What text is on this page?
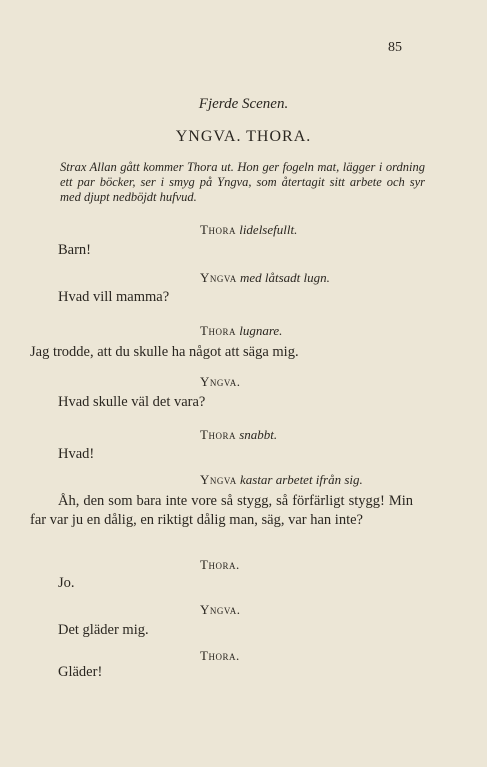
85
Fjerde Scenen.
YNGVA. THORA.
Strax Allan gått kommer Thora ut. Hon ger fogeln mat, lägger i ordning ett par böcker, ser i smyg på Yngva, som återtagit sitt arbete och syr med djupt nedböjdt hufvud.
Thora lidelsefullt.
Barn!
Yngva med låtsadt lugn.
Hvad vill mamma?
Thora lugnare.
Jag trodde, att du skulle ha något att säga mig.
Yngva.
Hvad skulle väl det vara?
Thora snabbt.
Hvad!
Yngva kastar arbetet ifrån sig.
Åh, den som bara inte vore så stygg, så förfärligt stygg! Min far var ju en dålig, en riktigt dålig man, säg, var han inte?
Thora.
Jo.
Yngva.
Det gläder mig.
Thora.
Gläder!
